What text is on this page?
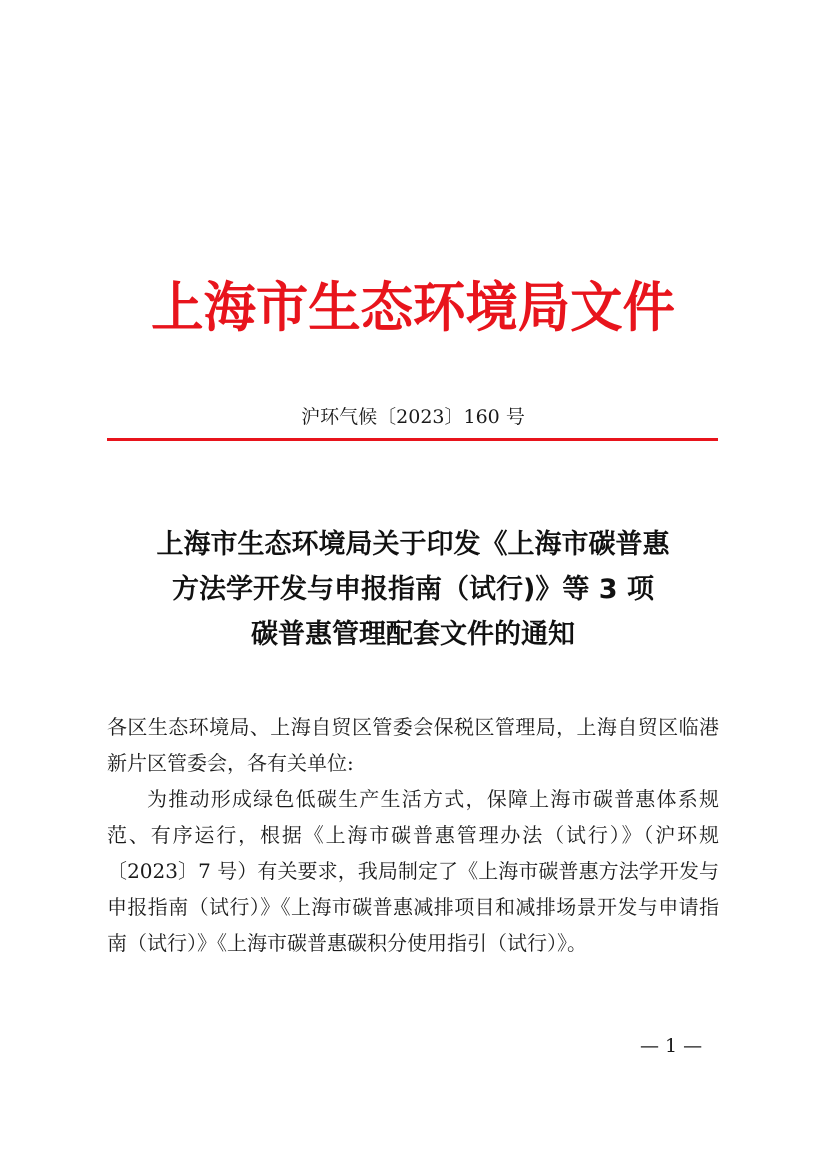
上海市生态环境局文件
沪环气候〔2023〕160 号
上海市生态环境局关于印发《上海市碳普惠
方法学开发与申报指南（试行)》等 3 项
碳普惠管理配套文件的通知

各区生态环境局、上海自贸区管委会保税区管理局，上海自贸区临港新片区管委会，各有关单位:

为推动形成绿色低碳生产生活方式，保障上海市碳普惠体系规范、有序运行，根据《上海市碳普惠管理办法（试行）》（沪环规〔2023〕7 号）有关要求，我局制定了《上海市碳普惠方法学开发与申报指南（试行）》《上海市碳普惠减排项目和减排场景开发与申请指南（试行）》《上海市碳普惠碳积分使用指引（试行）》。

— 1 —
